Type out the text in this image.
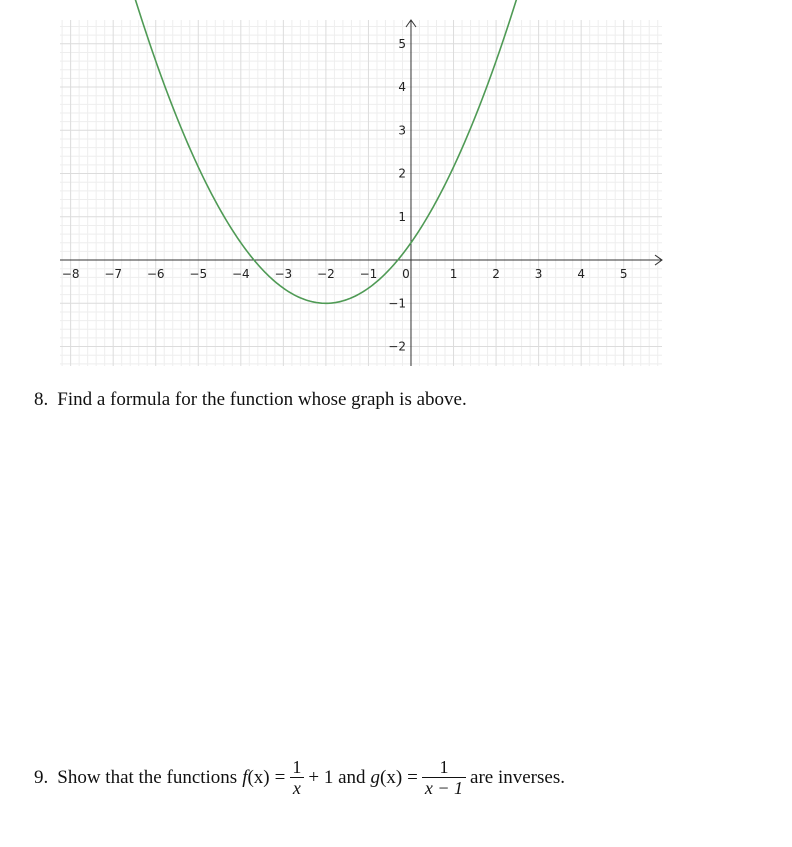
−8 −7 −6 −5 −4 −3 −2 −1 0	1	2	3	4	5
−2
−1
1
2
3
4
5
8. Find a formula for the function whose graph is above.
9. Show that the functions f $(x) = \frac{1}{x} + 1$ and g $(x) = \frac{1}{x - 1}$ are inverses.
